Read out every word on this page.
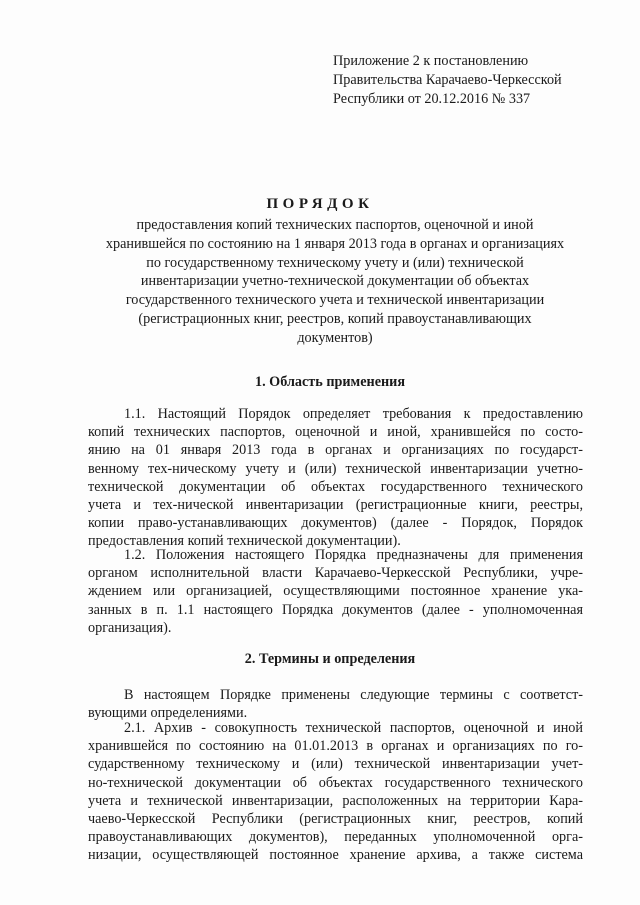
Приложение 2 к постановлению
Правительства Карачаево-Черкесской
Республики от 20.12.2016 № 337
ПОРЯДОК
предоставления копий технических паспортов, оценочной и иной
хранившейся по состоянию на 1 января 2013 года в органах и организациях
по государственному техническому учету и (или) технической
инвентаризации учетно-технической документации об объектах
государственного технического учета и технической инвентаризации
(регистрационных книг, реестров, копий правоустанавливающих
документов)
1. Область применения
1.1. Настоящий Порядок определяет требования к предоставлению
копий технических паспортов, оценочной и иной, хранившейся по состо-
янию на 01 января 2013 года в органах и организациях по государст-
венному тех-ническому учету и (или) технической инвентаризации учетно-
технической документации об объектах государственного технического
учета и тех-нической инвентаризации (регистрационные книги, реестры,
копии право-устанавливающих документов) (далее - Порядок, Порядок
предоставления копий технической документации).
1.2. Положения настоящего Порядка предназначены для применения
органом исполнительной власти Карачаево-Черкесской Республики, учре-
ждением или организацией, осуществляющими постоянное хранение ука-
занных в п. 1.1 настоящего Порядка документов (далее - уполномоченная
организация).
2. Термины и определения
В настоящем Порядке применены следующие термины с соответст-
вующими определениями.
2.1. Архив - совокупность технической паспортов, оценочной и иной
хранившейся по состоянию на 01.01.2013 в органах и организациях по го-
сударственному техническому и (или) технической инвентаризации учет-
но-технической документации об объектах государственного технического
учета и технической инвентаризации, расположенных на территории Кара-
чаево-Черкесской Республики (регистрационных книг, реестров, копий
правоустанавливающих документов), переданных уполномоченной орга-
низации, осуществляющей постоянное хранение архива, а также система
